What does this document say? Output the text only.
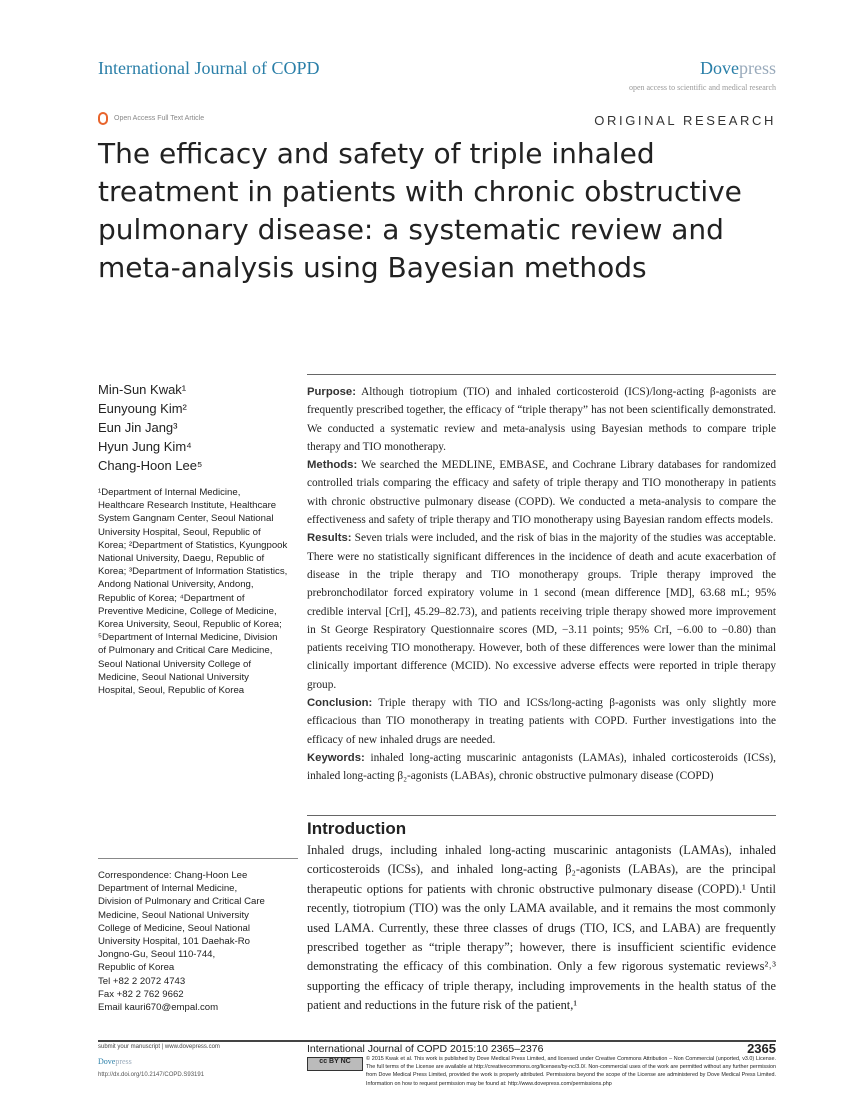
International Journal of COPD	Dovepress
open access to scientific and medical research
Open Access Full Text Article	ORIGINAL RESEARCH
The efficacy and safety of triple inhaled treatment in patients with chronic obstructive pulmonary disease: a systematic review and meta-analysis using Bayesian methods
Min-Sun Kwak¹
Eunyoung Kim²
Eun Jin Jang³
Hyun Jung Kim⁴
Chang-Hoon Lee⁵
¹Department of Internal Medicine, Healthcare Research Institute, Healthcare System Gangnam Center, Seoul National University Hospital, Seoul, Republic of Korea; ²Department of Statistics, Kyungpook National University, Daegu, Republic of Korea; ³Department of Information Statistics, Andong National University, Andong, Republic of Korea; ⁴Department of Preventive Medicine, College of Medicine, Korea University, Seoul, Republic of Korea; ⁵Department of Internal Medicine, Division of Pulmonary and Critical Care Medicine, Seoul National University College of Medicine, Seoul National University Hospital, Seoul, Republic of Korea
Correspondence: Chang-Hoon Lee
Department of Internal Medicine,
Division of Pulmonary and Critical Care
Medicine, Seoul National University
College of Medicine, Seoul National
University Hospital, 101 Daehak-Ro
Jongno-Gu, Seoul 110-744,
Republic of Korea
Tel +82 2 2072 4743
Fax +82 2 762 9662
Email kauri670@empal.com

Purpose: Although tiotropium (TIO) and inhaled corticosteroid (ICS)/long-acting β-agonists are frequently prescribed together, the efficacy of “triple therapy” has not been scientifically demonstrated. We conducted a systematic review and meta-analysis using Bayesian methods to compare triple therapy and TIO monotherapy.

Methods: We searched the MEDLINE, EMBASE, and Cochrane Library databases for randomized controlled trials comparing the efficacy and safety of triple therapy and TIO monotherapy in patients with chronic obstructive pulmonary disease (COPD). We conducted a meta-analysis to compare the effectiveness and safety of triple therapy and TIO monotherapy using Bayesian random effects models.

Results: Seven trials were included, and the risk of bias in the majority of the studies was acceptable. There were no statistically significant differences in the incidence of death and acute exacerbation of disease in the triple therapy and TIO monotherapy groups. Triple therapy improved the prebronchodilator forced expiratory volume in 1 second (mean difference [MD], 63.68 mL; 95% credible interval [CrI], 45.29–82.73), and patients receiving triple therapy showed more improvement in St George Respiratory Questionnaire scores (MD, −3.11 points; 95% CrI, −6.00 to −0.80) than patients receiving TIO monotherapy. However, both of these differences were lower than the minimal clinically important difference (MCID). No excessive adverse effects were reported in triple therapy group.

Conclusion: Triple therapy with TIO and ICSs/long-acting β-agonists was only slightly more efficacious than TIO monotherapy in treating patients with COPD. Further investigations into the efficacy of new inhaled drugs are needed.

Keywords: inhaled long-acting muscarinic antagonists (LAMAs), inhaled corticosteroids (ICSs), inhaled long-acting β₂-agonists (LABAs), chronic obstructive pulmonary disease (COPD)

Introduction
Inhaled drugs, including inhaled long-acting muscarinic antagonists (LAMAs), inhaled corticosteroids (ICSs), and inhaled long-acting β₂-agonists (LABAs), are the principal therapeutic options for patients with chronic obstructive pulmonary disease (COPD).¹ Until recently, tiotropium (TIO) was the only LAMA available, and it remains the most commonly used LAMA. Currently, these three classes of drugs (TIO, ICS, and LABA) are frequently prescribed together as “triple therapy”; however, there is insufficient scientific evidence demonstrating the efficacy of this combination. Only a few rigorous systematic reviews²˒³ supporting the efficacy of triple therapy, including improvements in the health status of the patient and reductions in the future risk of the patient,¹
submit your manuscript | www.dovepress.com
Dovepress
http://dx.doi.org/10.2147/COPD.S93191
International Journal of COPD 2015:10 2365–2376	2365
cc BY NC	© 2015 Kwak et al. This work is published by Dove Medical Press Limited, and licensed under Creative Commons Attribution – Non Commercial (unported, v3.0) License. The full terms of the License are available at http://creativecommons.org/licenses/by-nc/3.0/. Non-commercial uses of the work are permitted without any further permission from Dove Medical Press Limited, provided the work is properly attributed. Permissions beyond the scope of the License are administered by Dove Medical Press Limited. Information on how to request permission may be found at: http://www.dovepress.com/permissions.php
